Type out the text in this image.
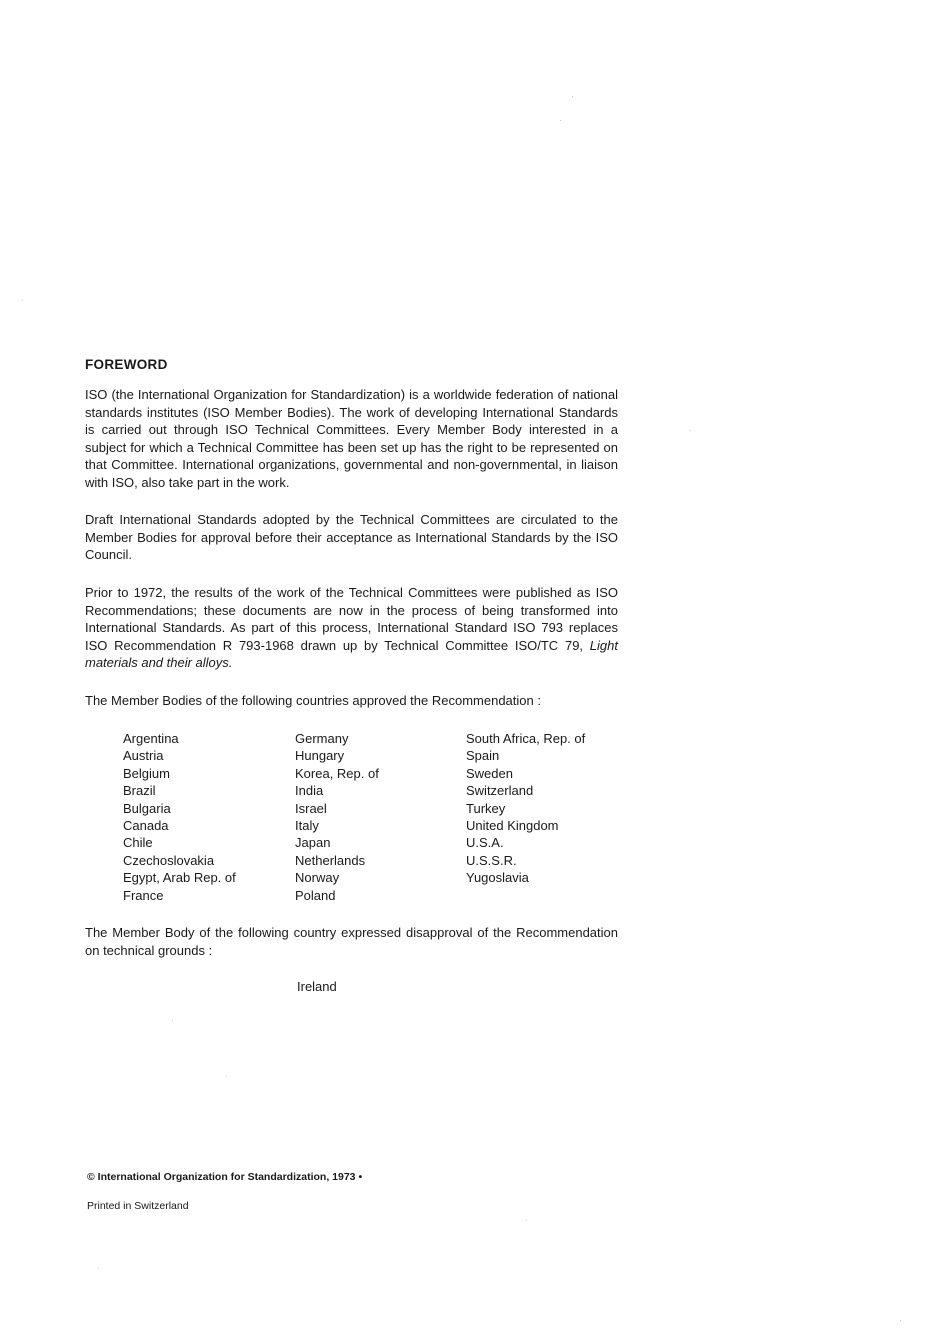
FOREWORD

ISO (the International Organization for Standardization) is a worldwide federation of national standards institutes (ISO Member Bodies). The work of developing International Standards is carried out through ISO Technical Committees. Every Member Body interested in a subject for which a Technical Committee has been set up has the right to be represented on that Committee. International organizations, governmental and non-governmental, in liaison with ISO, also take part in the work.

Draft International Standards adopted by the Technical Committees are circulated to the Member Bodies for approval before their acceptance as International Standards by the ISO Council.

Prior to 1972, the results of the work of the Technical Committees were published as ISO Recommendations; these documents are now in the process of being transformed into International Standards. As part of this process, International Standard ISO 793 replaces ISO Recommendation R 793-1968 drawn up by Technical Committee ISO/TC 79, Light materials and their alloys.

The Member Bodies of the following countries approved the Recommendation :

Argentina
Austria
Belgium
Brazil
Bulgaria
Canada
Chile
Czechoslovakia
Egypt, Arab Rep. of
France
Germany
Hungary
Korea, Rep. of
India
Israel
Italy
Japan
Netherlands
Norway
Poland
South Africa, Rep. of
Spain
Sweden
Switzerland
Turkey
United Kingdom
U.S.A.
U.S.S.R.
Yugoslavia

The Member Body of the following country expressed disapproval of the Recommendation on technical grounds :

Ireland
© International Organization for Standardization, 1973 •
Printed in Switzerland
